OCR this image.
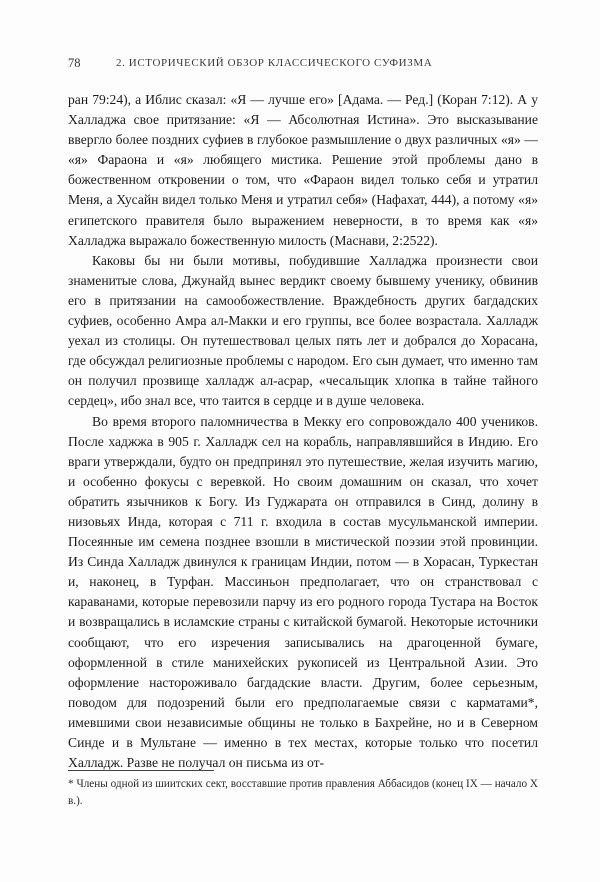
78	2. ИСТОРИЧЕСКИЙ ОБЗОР КЛАССИЧЕСКОГО СУФИЗМА

ран 79:24), а Иблис сказал: «Я — лучше его» [Адама. — Ред.] (Коран 7:12). А у Халладжа свое притязание: «Я — Абсолютная Истина». Это высказывание ввергло более поздних суфиев в глубокое размышление о двух различных «я» — «я» Фараона и «я» любящего мистика. Решение этой проблемы дано в божественном откровении о том, что «Фараон видел только себя и утратил Меня, а Хусайн видел только Меня и утратил себя» (Нафахат, 444), а потому «я» египетского правителя было выражением неверности, в то время как «я» Халладжа выражало божественную милость (Маснави, 2:2522).

Каковы бы ни были мотивы, побудившие Халладжа произнести свои знаменитые слова, Джунайд вынес вердикт своему бывшему ученику, обвинив его в притязании на самообожествление. Враждебность других багдадских суфиев, особенно Амра ал-Макки и его группы, все более возрастала. Халладж уехал из столицы. Он путешествовал целых пять лет и добрался до Хорасана, где обсуждал религиозные проблемы с народом. Его сын думает, что именно там он получил прозвище халладж ал-асрар, «чесальщик хлопка в тайне тайного сердец», ибо знал все, что таится в сердце и в душе человека.

Во время второго паломничества в Мекку его сопровождало 400 учеников. После хаджжа в 905 г. Халладж сел на корабль, направлявшийся в Индию. Его враги утверждали, будто он предпринял это путешествие, желая изучить магию, и особенно фокусы с веревкой. Но своим домашним он сказал, что хочет обратить язычников к Богу. Из Гуджарата он отправился в Синд, долину в низовьях Инда, которая с 711 г. входила в состав мусульманской империи. Посеянные им семена позднее взошли в мистической поэзии этой провинции. Из Синда Халладж двинулся к границам Индии, потом — в Хорасан, Туркестан и, наконец, в Турфан. Массиньон предполагает, что он странствовал с караванами, которые перевозили парчу из его родного города Тустара на Восток и возвращались в исламские страны с китайской бумагой. Некоторые источники сообщают, что его изречения записывались на драгоценной бумаге, оформленной в стиле манихейских рукописей из Центральной Азии. Это оформление настороживало багдадские власти. Другим, более серьезным, поводом для подозрений были его предполагаемые связи с карматами*, имевшими свои независимые общины не только в Бахрейне, но и в Северном Синде и в Мультане — именно в тех местах, которые только что посетил Халладж. Разве не получал он письма из от-

* Члены одной из шиитских сект, восставшие против правления Аббасидов (конец IX — начало X в.).
